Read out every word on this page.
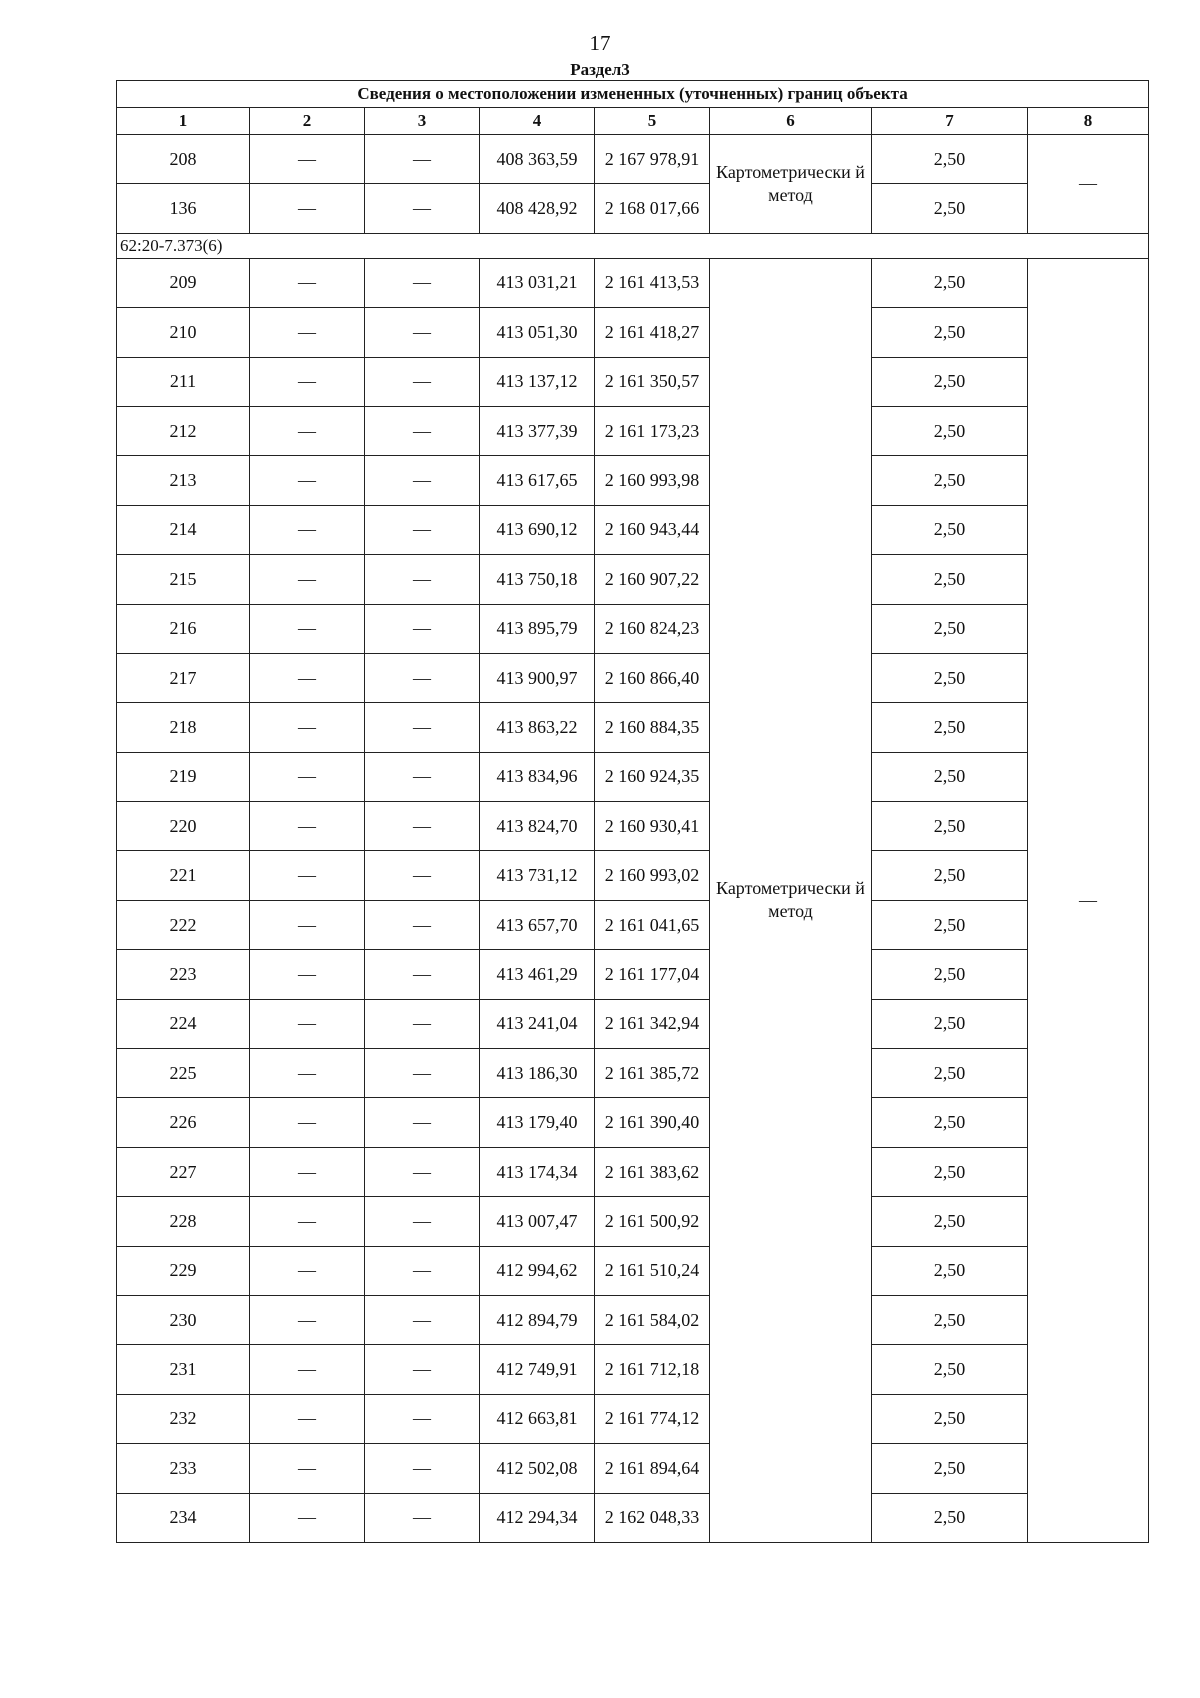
17
Раздел3
Сведения о местоположении измененных (уточненных) границ объекта							
1	2	3	4	5	6	7	8
208	—	—	408 363,59	2 167 978,91	Картометрически й метод	2,50	—
136	—	—	408 428,92	2 168 017,66		2,50	
62:20-7.373(6)							
209	—	—	413 031,21	2 161 413,53	Картометрически й метод	2,50	—
210	—	—	413 051,30	2 161 418,27		2,50	
211	—	—	413 137,12	2 161 350,57		2,50	
212	—	—	413 377,39	2 161 173,23		2,50	
213	—	—	413 617,65	2 160 993,98		2,50	
214	—	—	413 690,12	2 160 943,44		2,50	
215	—	—	413 750,18	2 160 907,22		2,50	
216	—	—	413 895,79	2 160 824,23		2,50	
217	—	—	413 900,97	2 160 866,40		2,50	
218	—	—	413 863,22	2 160 884,35		2,50	
219	—	—	413 834,96	2 160 924,35		2,50	
220	—	—	413 824,70	2 160 930,41		2,50	
221	—	—	413 731,12	2 160 993,02		2,50	
222	—	—	413 657,70	2 161 041,65		2,50	
223	—	—	413 461,29	2 161 177,04		2,50	
224	—	—	413 241,04	2 161 342,94		2,50	
225	—	—	413 186,30	2 161 385,72		2,50	
226	—	—	413 179,40	2 161 390,40		2,50	
227	—	—	413 174,34	2 161 383,62		2,50	
228	—	—	413 007,47	2 161 500,92		2,50	
229	—	—	412 994,62	2 161 510,24		2,50	
230	—	—	412 894,79	2 161 584,02		2,50	
231	—	—	412 749,91	2 161 712,18		2,50	
232	—	—	412 663,81	2 161 774,12		2,50	
233	—	—	412 502,08	2 161 894,64		2,50	
234	—	—	412 294,34	2 162 048,33		2,50	
